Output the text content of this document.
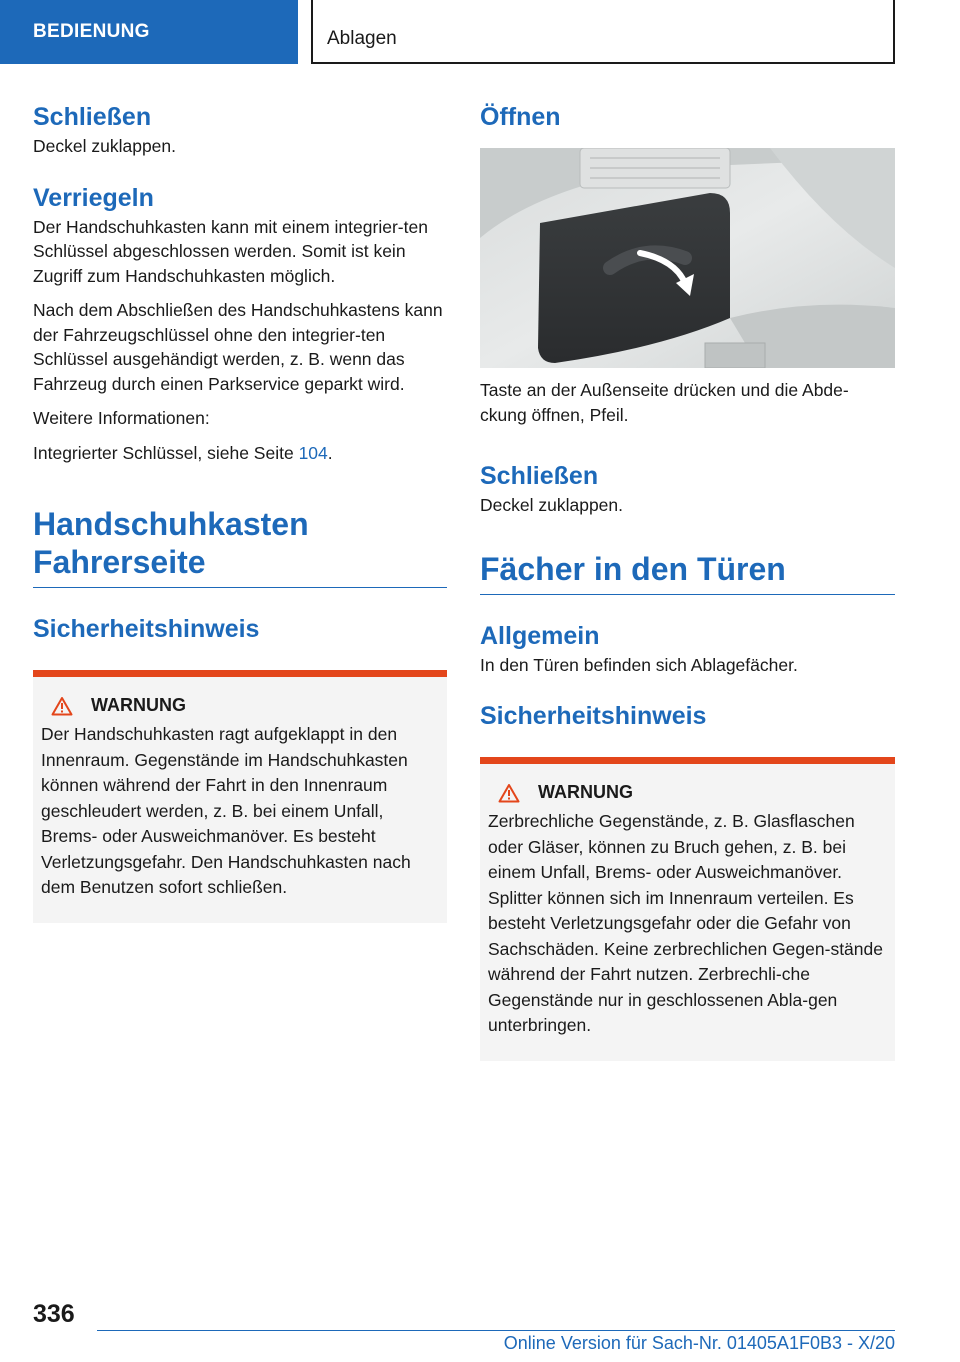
BEDIENUNG	Ablagen
Schließen

Deckel zuklappen.

Verriegeln

Der Handschuhkasten kann mit einem integrier‐ten Schlüssel abgeschlossen werden. Somit ist kein Zugriff zum Handschuhkasten möglich.

Nach dem Abschließen des Handschuhkastens kann der Fahrzeugschlüssel ohne den integrier‐ten Schlüssel ausgehändigt werden, z. B. wenn das Fahrzeug durch einen Parkservice geparkt wird.

Weitere Informationen:

Integrierter Schlüssel, siehe Seite 104.

Handschuhkasten
Fahrerseite
Sicherheitshinweis
WARNUNG

Der Handschuhkasten ragt aufgeklappt in den Innenraum. Gegenstände im Handschuhkasten können während der Fahrt in den Innenraum geschleudert werden, z. B. bei einem Unfall, Brems- oder Ausweichmanöver. Es besteht Verletzungsgefahr. Den Handschuhkasten nach dem Benutzen sofort schließen.

Öffnen

Taste an der Außenseite drücken und die Abde‐ckung öffnen, Pfeil.

Schließen

Deckel zuklappen.

Fächer in den Türen
Allgemein

In den Türen befinden sich Ablagefächer.

Sicherheitshinweis
WARNUNG

Zerbrechliche Gegenstände, z. B. Glasflaschen oder Gläser, können zu Bruch gehen, z. B. bei einem Unfall, Brems- oder Ausweichmanöver. Splitter können sich im Innenraum verteilen. Es besteht Verletzungsgefahr oder die Gefahr von Sachschäden. Keine zerbrechlichen Gegen‐stände während der Fahrt nutzen. Zerbrechli‐che Gegenstände nur in geschlossenen Abla‐gen unterbringen.

336
Online Version für Sach-Nr. 01405A1F0B3 - X/20
